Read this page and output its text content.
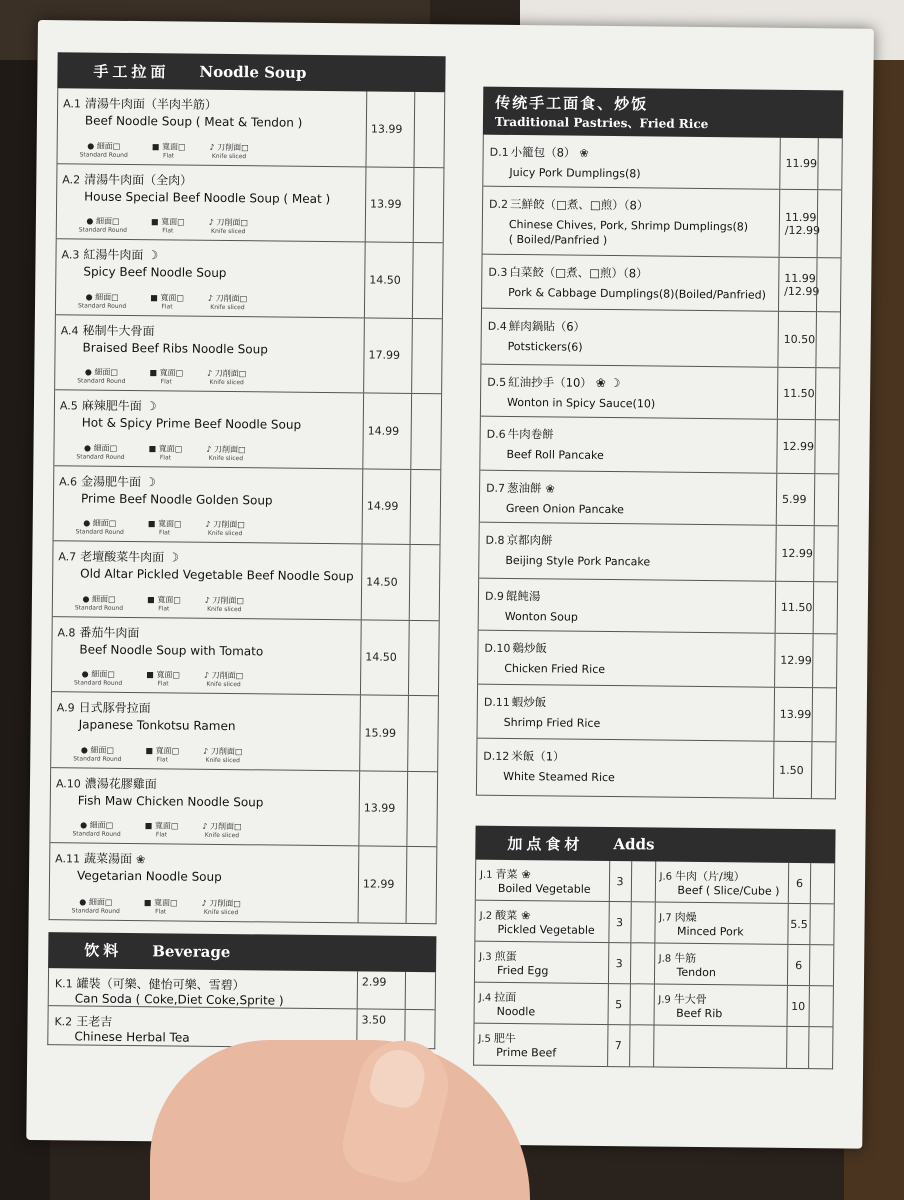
手工拉面 Noodle Soup
A.1 清湯牛肉面（半肉半筋）
Beef Noodle Soup ( Meat & Tendon )
● 細面□
Standard Round
■ 寬面□
Flat
♪ 刀削面□
Knife sliced
13.99
A.2 清湯牛肉面（全肉）
House Special Beef Noodle Soup ( Meat )
● 細面□
Standard Round
■ 寬面□
Flat
♪ 刀削面□
Knife sliced
13.99
A.3 紅湯牛肉面 ☽
Spicy Beef Noodle Soup
● 細面□
Standard Round
■ 寬面□
Flat
♪ 刀削面□
Knife sliced
14.50
A.4 秘制牛大骨面
Braised Beef Ribs Noodle Soup
● 細面□
Standard Round
■ 寬面□
Flat
♪ 刀削面□
Knife sliced
17.99
A.5 麻辣肥牛面 ☽
Hot & Spicy Prime Beef Noodle Soup
● 細面□
Standard Round
■ 寬面□
Flat
♪ 刀削面□
Knife sliced
14.99
A.6 金湯肥牛面 ☽
Prime Beef Noodle Golden Soup
● 細面□
Standard Round
■ 寬面□
Flat
♪ 刀削面□
Knife sliced
14.99
A.7 老壇酸菜牛肉面 ☽
Old Altar Pickled Vegetable Beef Noodle Soup
● 細面□
Standard Round
■ 寬面□
Flat
♪ 刀削面□
Knife sliced
14.50
A.8 番茄牛肉面
Beef Noodle Soup with Tomato
● 細面□
Standard Round
■ 寬面□
Flat
♪ 刀削面□
Knife sliced
14.50
A.9 日式豚骨拉面
Japanese Tonkotsu Ramen
● 細面□
Standard Round
■ 寬面□
Flat
♪ 刀削面□
Knife sliced
15.99
A.10 濃湯花膠雞面
Fish Maw Chicken Noodle Soup
● 細面□
Standard Round
■ 寬面□
Flat
♪ 刀削面□
Knife sliced
13.99
A.11 蔬菜湯面 ❀
Vegetarian Noodle Soup
● 細面□
Standard Round
■ 寬面□
Flat
♪ 刀削面□
Knife sliced
12.99
饮料 Beverage
K.1 罐裝（可樂、健怡可樂、雪碧）
Can Soda ( Coke,Diet Coke,Sprite )
2.99
K.2 王老吉
Chinese Herbal Tea
3.50
传统手工面食、炒饭
Traditional Pastries、Fried Rice
D.1 小籠包（8） ❀
Juicy Pork Dumplings(8)
11.99
D.2 三鮮餃（□煮、□煎）（8）
Chinese Chives, Pork, Shrimp Dumplings(8)
( Boiled/Panfried )
11.99 /12.99
D.3 白菜餃（□煮、□煎）（8）
Pork & Cabbage Dumplings(8)(Boiled/Panfried)
11.99 /12.99
D.4 鮮肉鍋貼（6）
Potstickers(6)
10.50
D.5 紅油抄手（10） ❀ ☽
Wonton in Spicy Sauce(10)
11.50
D.6 牛肉卷餅
Beef Roll Pancake
12.99
D.7 葱油餅 ❀
Green Onion Pancake
5.99
D.8 京都肉餅
Beijing Style Pork Pancake
12.99
D.9 餛飩湯
Wonton Soup
11.50
D.10 鷄炒飯
Chicken Fried Rice
12.99
D.11 蝦炒飯
Shrimp Fried Rice
13.99
D.12 米飯（1）
White Steamed Rice	1.50
加点食材 Adds
J.1 青菜 ❀
Boiled Vegetable
3
J.2 酸菜 ❀
Pickled Vegetable
3
J.3 煎蛋
Fried Egg
3
J.4 拉面
Noodle
5
J.5 肥牛
Prime Beef
7
J.6 牛肉（片/塊）
Beef ( Slice/Cube )
6
J.7 肉燥
Minced Pork
5.5
J.8 牛筋
Tendon
6
J.9 牛大骨
Beef Rib
10
